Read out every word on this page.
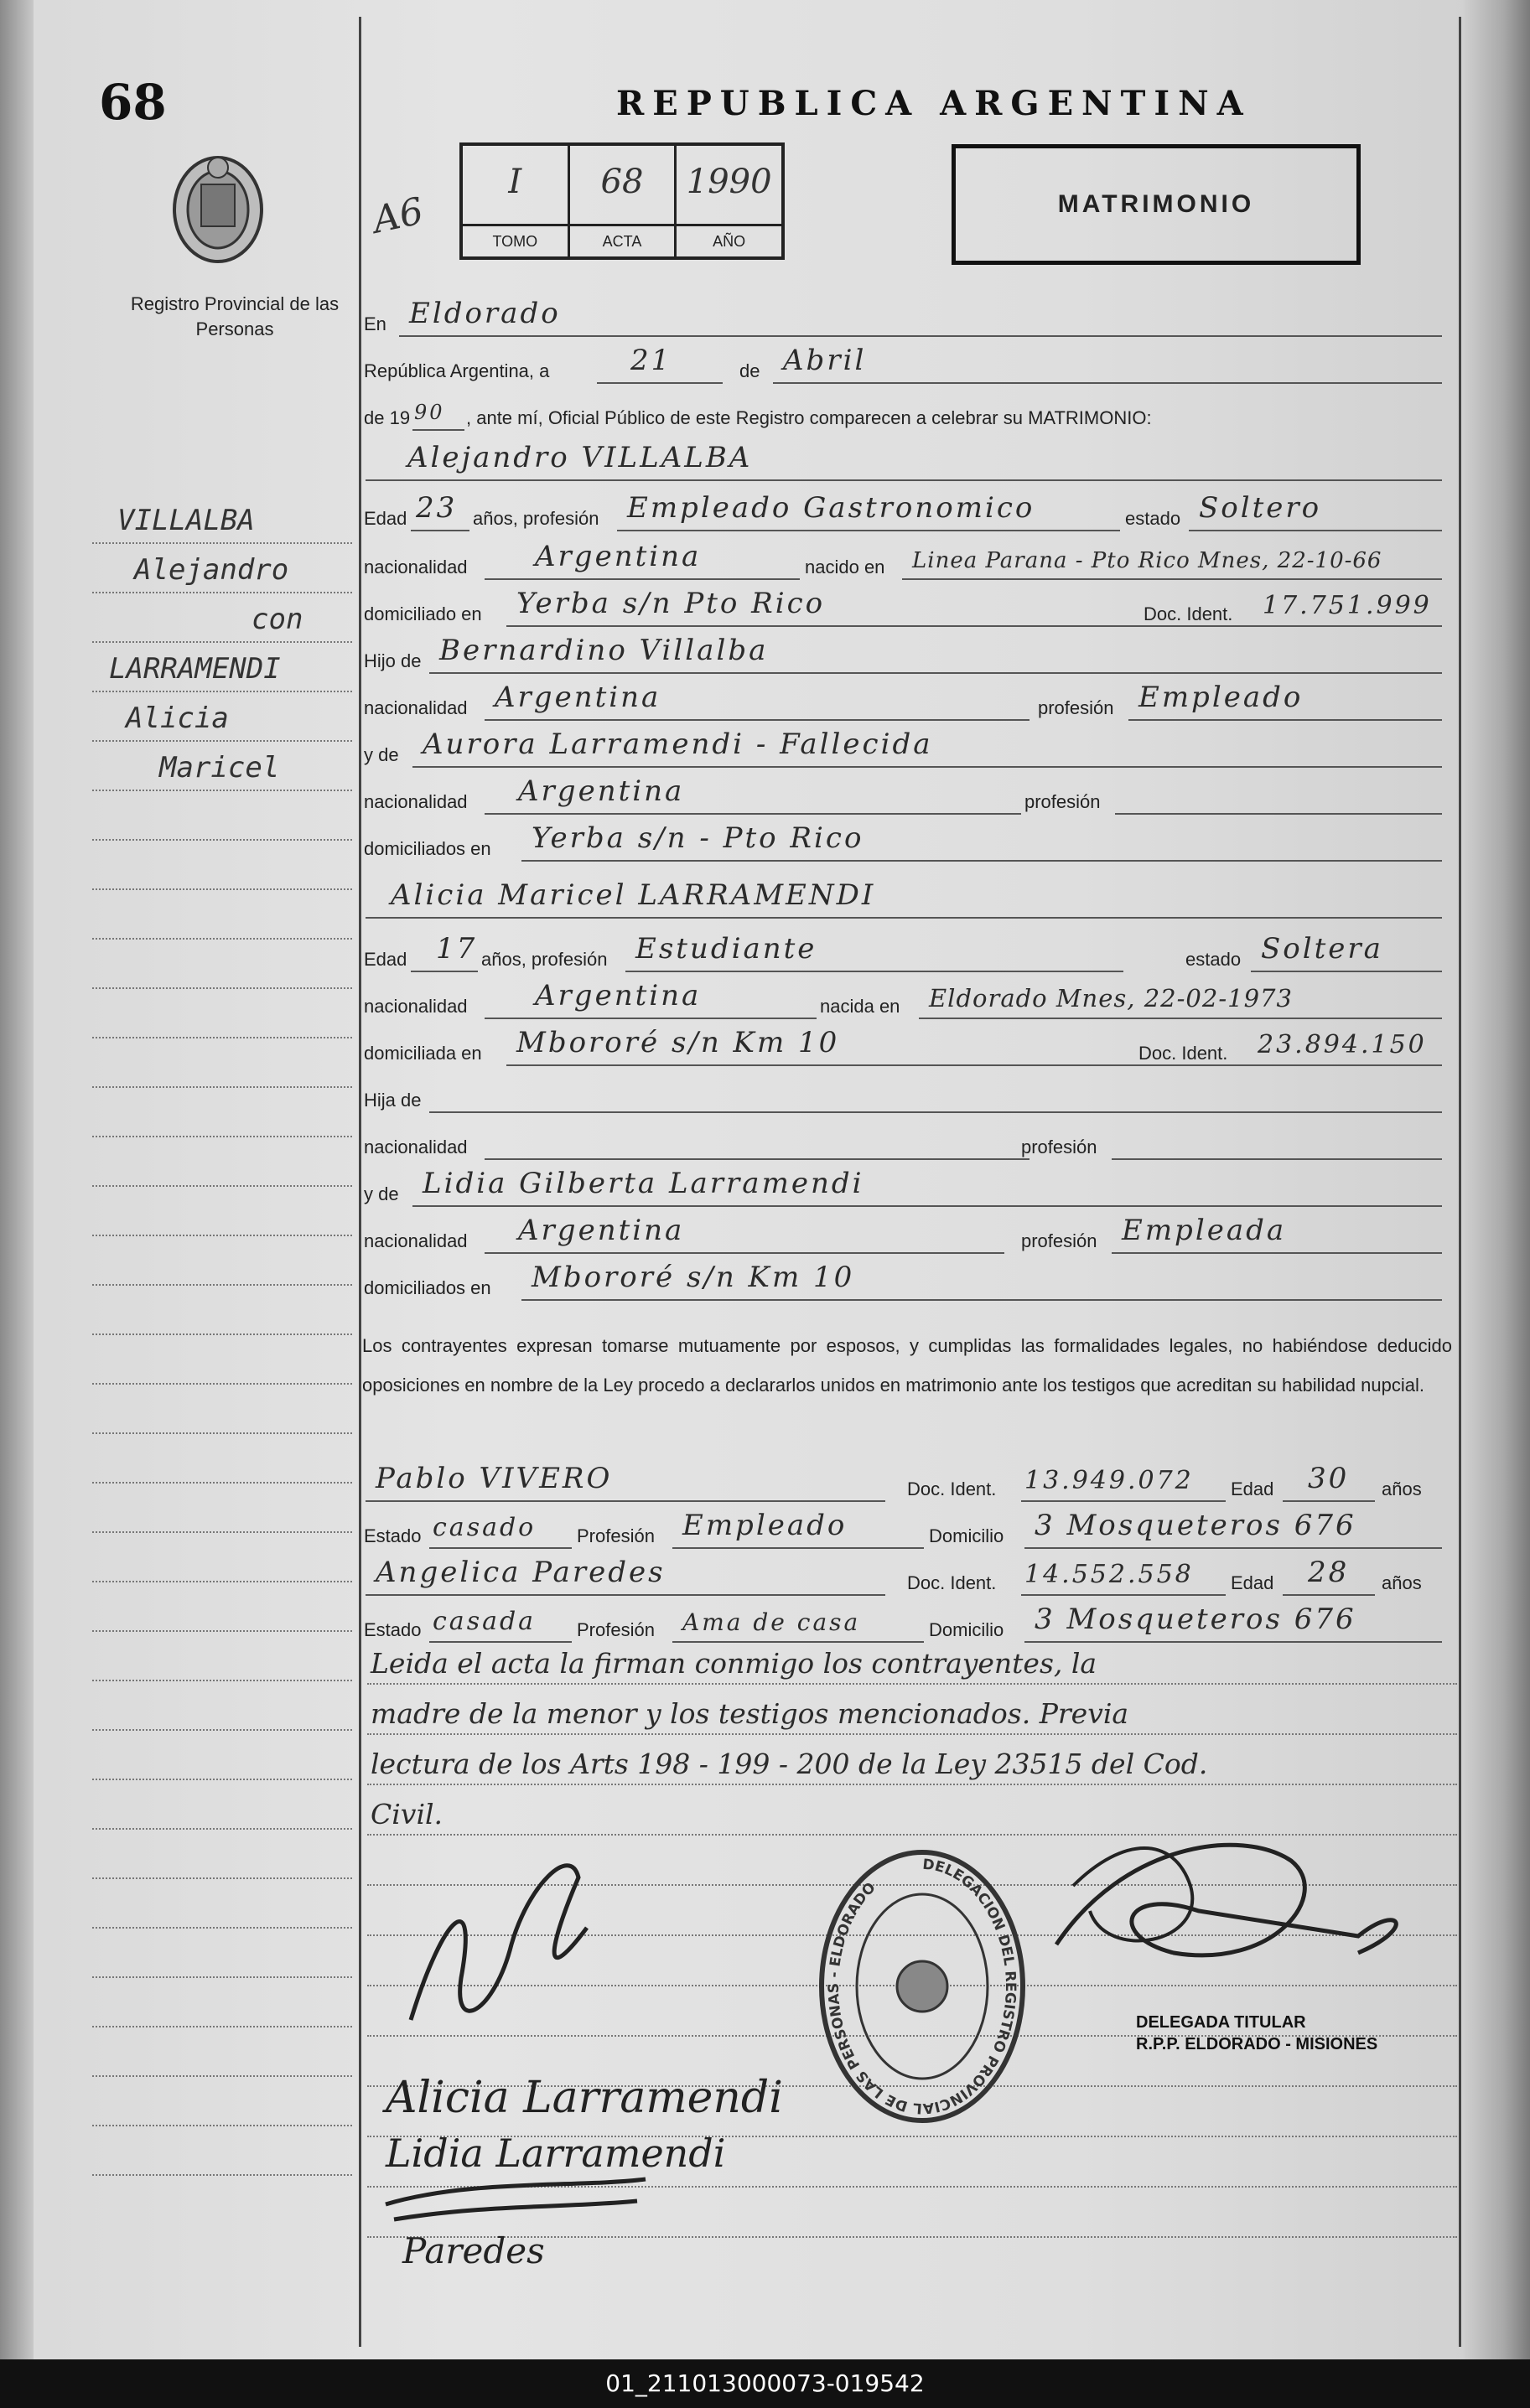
68
Registro Provincial de las Personas
VILLALBA
Alejandro
con
LARRAMENDI
Alicia
Maricel
REPUBLICA ARGENTINA
A6
I
TOMO
68
ACTA
1990
AÑO
MATRIMONIO
En Eldorado
República Argentina, a	21	de Abril
de 19 90 , ante mí, Oficial Público de este Registro comparecen a celebrar su MATRIMONIO:
Alejandro VILLALBA
Edad 23 años, profesión Empleado Gastronomico	estado Soltero
nacionalidad Argentina	nacido en Linea Parana - Pto Rico Mnes, 22-10-66
domiciliado en Yerba s/n Pto Rico	Doc. Ident. 17.751.999
Hijo de Bernardino Villalba
nacionalidad Argentina	profesión Empleado
y de Aurora Larramendi - Fallecida
nacionalidad Argentina	profesión
domiciliados en Yerba s/n - Pto Rico
Alicia Maricel LARRAMENDI
Edad 17 años, profesión Estudiante	estado Soltera
nacionalidad Argentina	nacida en Eldorado Mnes, 22-02-1973
domiciliada en Mbororé s/n Km 10	Doc. Ident. 23.894.150
Hija de
nacionalidad	profesión
y de Lidia Gilberta Larramendi
nacionalidad Argentina	profesión Empleada
domiciliados en Mbororé s/n Km 10
Pablo VIVERO	Doc. Ident. 13.949.072 Edad 30 años
Estado casado Profesión Empleado	Domicilio 3 Mosqueteros 676
Angelica Paredes	Doc. Ident. 14.552.558 Edad 28 años
Estado casada Profesión Ama de casa	Domicilio 3 Mosqueteros 676
Los contrayentes expresan tomarse mutuamente por esposos, y cumplidas las formalidades legales, no habiéndose deducido oposiciones en nombre de la Ley procedo a declararlos unidos en matrimonio ante los testigos que acreditan su habilidad nupcial.
Leida el acta la firman conmigo los contrayentes, la
madre de la menor y los testigos mencionados. Previa
lectura de los Arts 198 - 199 - 200 de la Ley 23515 del Cod.
Civil.
Alicia Larramendi
Lidia Larramendi
Paredes
DELEGACION DEL REGISTRO PROVINCIAL DE LAS PERSONAS - ELDORADO
DELEGADA TITULAR
R.P.P. ELDORADO - MISIONES
01_211013000073-019542
